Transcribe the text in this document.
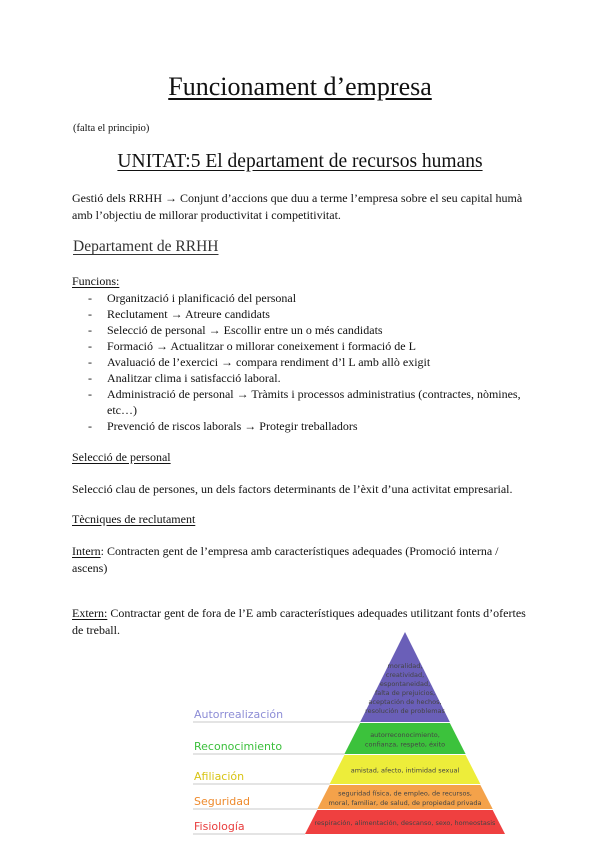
Funcionament d’empresa
(falta el principio)
UNITAT:5 El departament de recursos humans
Gestió dels RRHH → Conjunt d’accions que duu a terme l’empresa sobre el seu capital humà amb l’objectiu de millorar productivitat i competitivitat.
Departament de RRHH
Funcions:
- Organització i planificació del personal
- Reclutament → Atreure candidats
- Selecció de personal → Escollir entre un o més candidats
- Formació → Actualitzar o millorar coneixement i formació de L
- Avaluació de l’exercici → compara rendiment d’l L amb allò exigit
- Analitzar clima i satisfacció laboral.
- Administració de personal → Tràmits i processos administratius (contractes, nòmines, etc…)
- Prevenció de riscos laborals → Protegir treballadors
Selecció de personal
Selecció clau de persones, un dels factors determinants de l’èxit d’una activitat empresarial.
Tècniques de reclutament
Intern: Contracten gent de l’empresa amb característiques adequades (Promoció interna / ascens)
Extern: Contractar gent de fora de l’E amb característiques adequades utilitzant fonts d’ofertes de treball.
moralidad,
creatividad,
espontaneidad,
falta de prejuicios,
aceptación de hechos,
resolución de problemas
autorreconocimiento,
confianza, respeto, éxito
amistad, afecto, intimidad sexual
seguridad física, de empleo, de recursos,
moral, familiar, de salud, de propiedad privada
respiración, alimentación, descanso, sexo, homeostasis
Autorrealización
Reconocimiento
Afiliación
Seguridad
Fisiología
